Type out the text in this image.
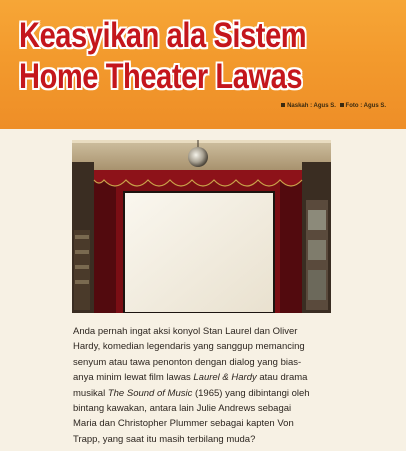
Keasyikan ala Sistem
Home Theater Lawas
Naskah : Agus S. Foto : Agus S.
Anda pernah ingat aksi konyol Stan Laurel dan Oliver
Hardy, komedian legendaris yang sanggup memancing
senyum atau tawa penonton dengan dialog yang bias-
anya minim lewat film lawas Laurel & Hardy atau drama
musikal The Sound of Music (1965) yang dibintangi oleh
bintang kawakan, antara lain Julie Andrews sebagai
Maria dan Christopher Plummer sebagai kapten Von
Trapp, yang saat itu masih terbilang muda?
